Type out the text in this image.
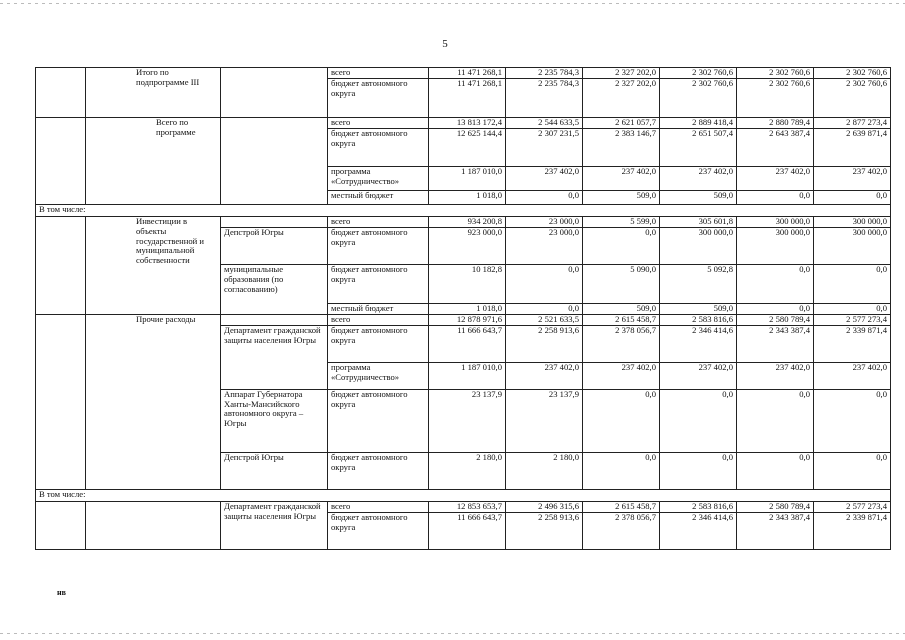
5
	Итого по подпрограмме III		всего	11 471 268,1	2 235 784,3	2 327 202,0	2 302 760,6	2 302 760,6	2 302 760,6
			бюджет автономного округа	11 471 268,1	2 235 784,3	2 327 202,0	2 302 760,6	2 302 760,6	2 302 760,6
	Всего по программе		всего	13 813 172,4	2 544 633,5	2 621 057,7	2 889 418,4	2 880 789,4	2 877 273,4
			бюджет автономного округа	12 625 144,4	2 307 231,5	2 383 146,7	2 651 507,4	2 643 387,4	2 639 871,4
			программа «Сотрудничество»	1 187 010,0	237 402,0	237 402,0	237 402,0	237 402,0	237 402,0
			местный бюджет	1 018,0	0,0	509,0	509,0	0,0	0,0
В том числе:									
	Инвестиции в объекты государственной и муниципальной собственности		всего	934 200,8	23 000,0	5 599,0	305 601,8	300 000,0	300 000,0
		Депстрой Югры	бюджет автономного округа	923 000,0	23 000,0	0,0	300 000,0	300 000,0	300 000,0
		муниципальные образования (по согласованию)	бюджет автономного округа	10 182,8	0,0	5 090,0	5 092,8	0,0	0,0
			местный бюджет	1 018,0	0,0	509,0	509,0	0,0	0,0
	Прочие расходы		всего	12 878 971,6	2 521 633,5	2 615 458,7	2 583 816,6	2 580 789,4	2 577 273,4
		Департамент гражданской защиты населения Югры	бюджет автономного округа	11 666 643,7	2 258 913,6	2 378 056,7	2 346 414,6	2 343 387,4	2 339 871,4
			программа «Сотрудничество»	1 187 010,0	237 402,0	237 402,0	237 402,0	237 402,0	237 402,0
		Аппарат Губернатора Ханты-Мансийского автономного округа – Югры	бюджет автономного округа	23 137,9	23 137,9	0,0	0,0	0,0	0,0
		Депстрой Югры	бюджет автономного округа	2 180,0	2 180,0	0,0	0,0	0,0	0,0
В том числе:									
		Департамент гражданской защиты населения Югры	всего	12 853 653,7	2 496 315,6	2 615 458,7	2 583 816,6	2 580 789,4	2 577 273,4
			бюджет автономного округа	11 666 643,7	2 258 913,6	2 378 056,7	2 346 414,6	2 343 387,4	2 339 871,4
нв
